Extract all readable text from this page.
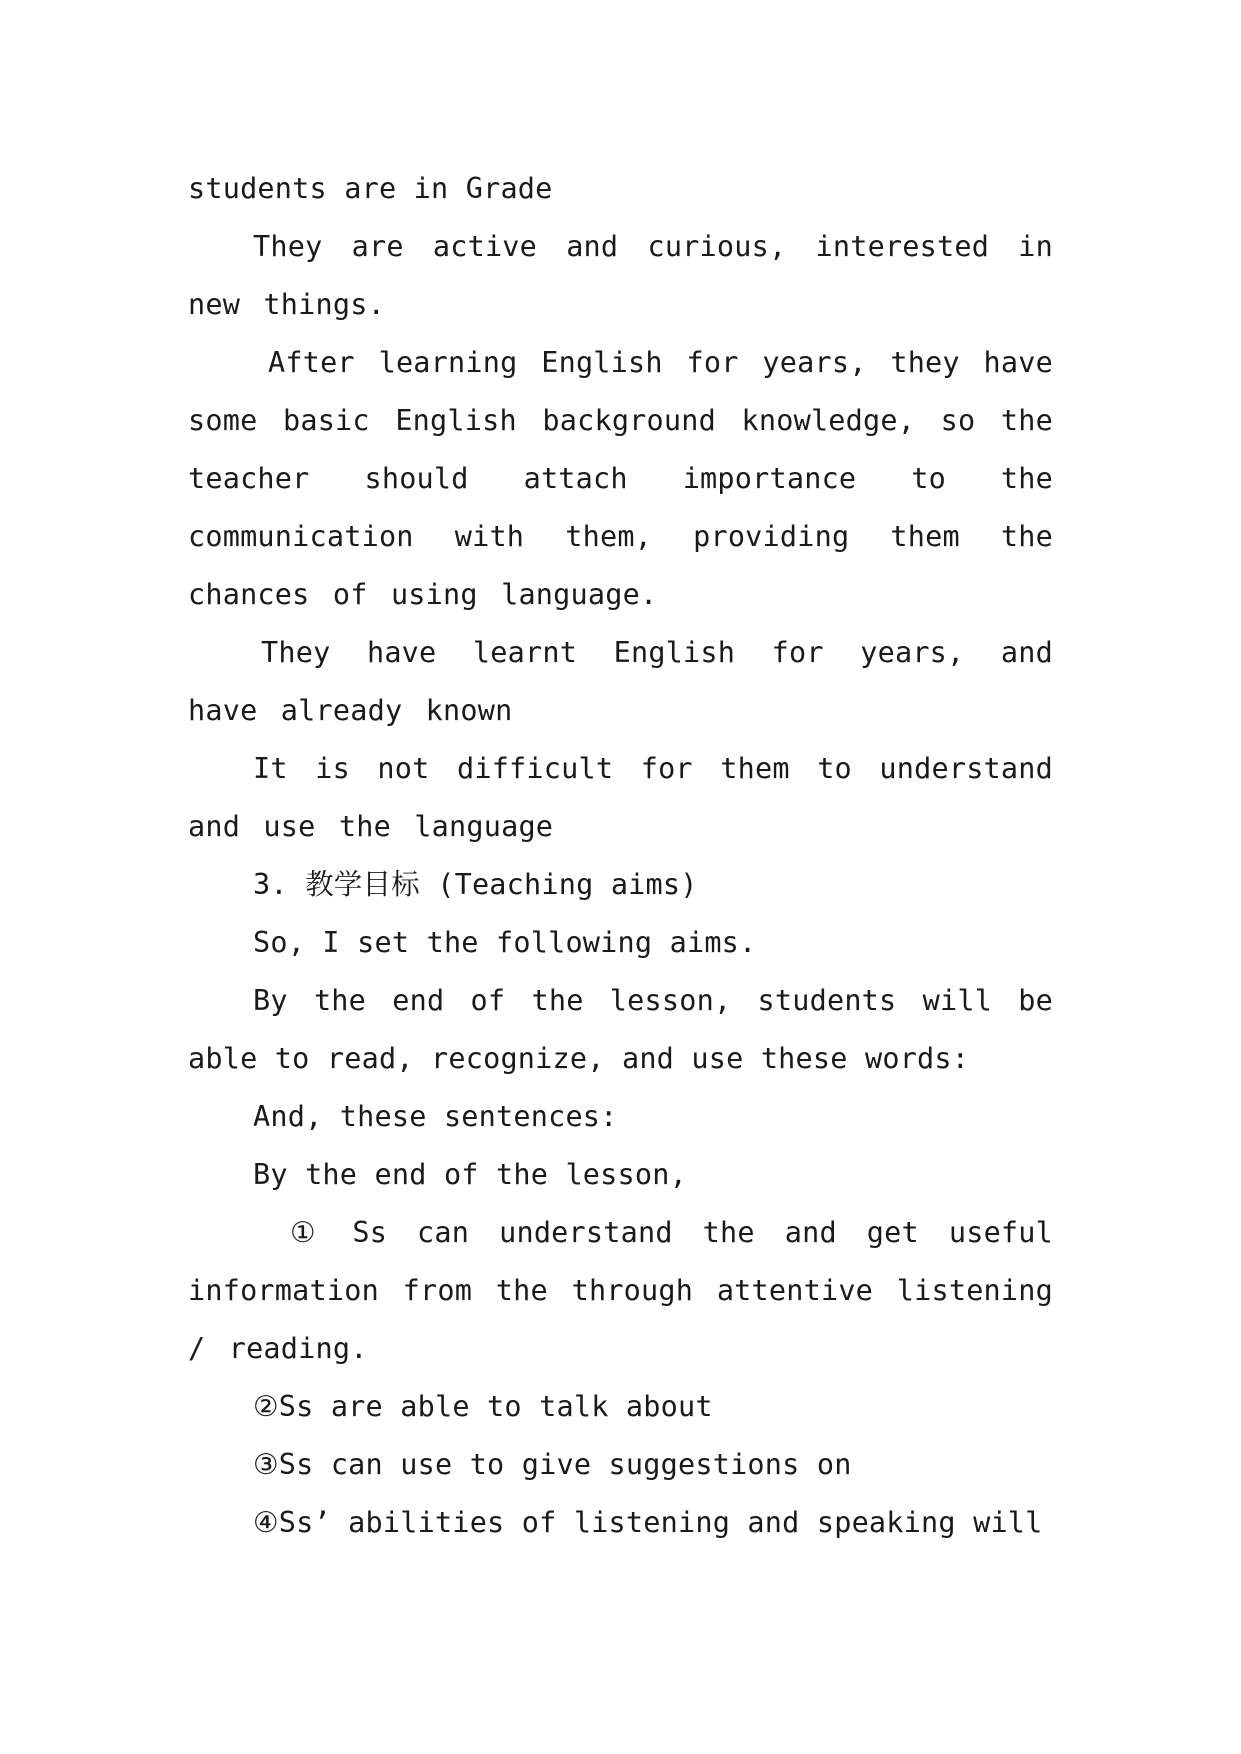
students are in Grade

They are active and curious, interested in new things.

After learning English for years, they have some basic English background knowledge, so the teacher should attach importance to the communication with them, providing them the chances of using language.

They have learnt English for years, and have already known

It is not difficult for them to understand and use the language

3. 教学目标 (Teaching aims)

So, I set the following aims.

By the end of the lesson, students will be able to read, recognize, and use these words:

And, these sentences:

By the end of the lesson,

① Ss can understand the and get useful information from the through attentive listening / reading.

②Ss are able to talk about

③Ss can use to give suggestions on

④Ss’ abilities of listening and speaking will
